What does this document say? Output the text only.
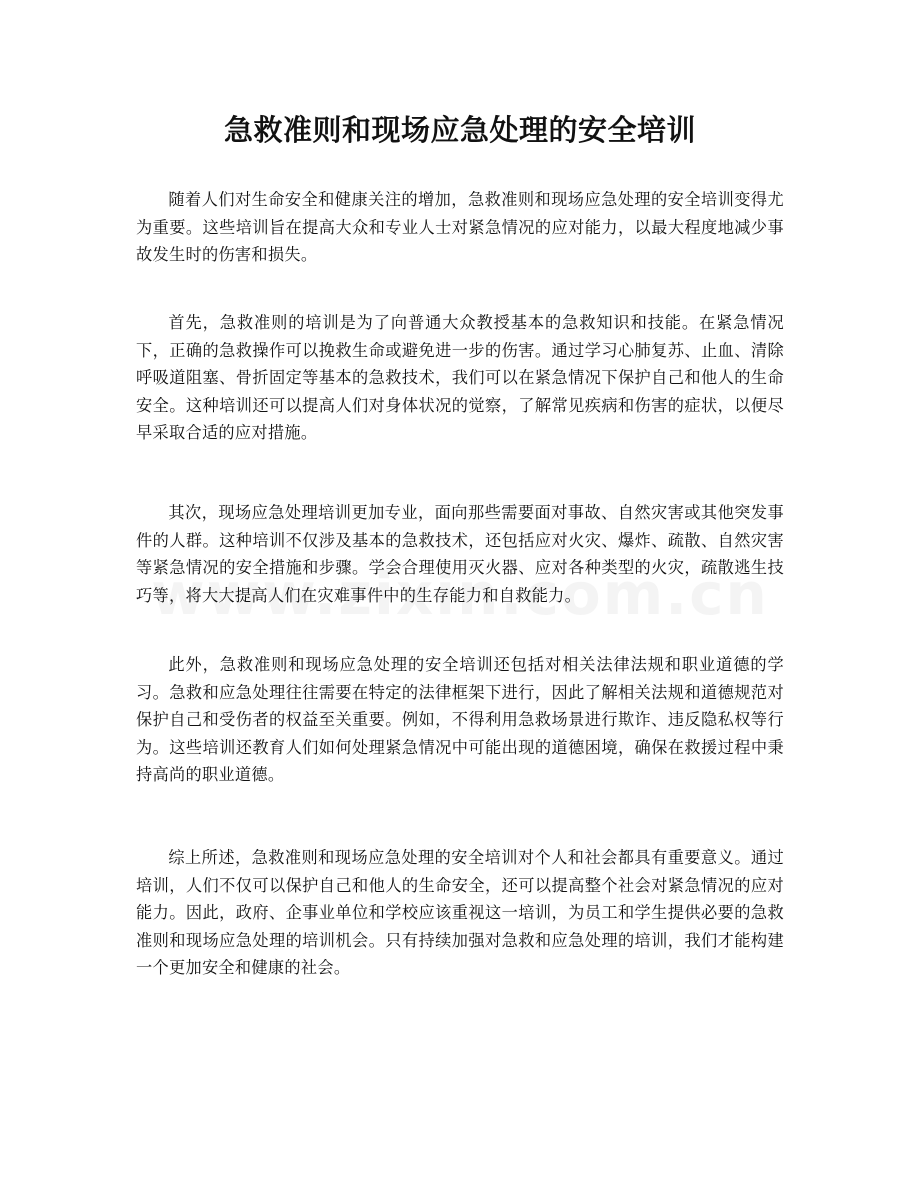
急救准则和现场应急处理的安全培训

随着人们对生命安全和健康关注的增加，急救准则和现场应急处理的安全培训变得尤为重要。这些培训旨在提高大众和专业人士对紧急情况的应对能力，以最大程度地减少事故发生时的伤害和损失。

首先，急救准则的培训是为了向普通大众教授基本的急救知识和技能。在紧急情况下，正确的急救操作可以挽救生命或避免进一步的伤害。通过学习心肺复苏、止血、清除呼吸道阻塞、骨折固定等基本的急救技术，我们可以在紧急情况下保护自己和他人的生命安全。这种培训还可以提高人们对身体状况的觉察，了解常见疾病和伤害的症状，以便尽早采取合适的应对措施。

其次，现场应急处理培训更加专业，面向那些需要面对事故、自然灾害或其他突发事件的人群。这种培训不仅涉及基本的急救技术，还包括应对火灾、爆炸、疏散、自然灾害等紧急情况的安全措施和步骤。学会合理使用灭火器、应对各种类型的火灾，疏散逃生技巧等，将大大提高人们在灾难事件中的生存能力和自救能力。

此外，急救准则和现场应急处理的安全培训还包括对相关法律法规和职业道德的学习。急救和应急处理往往需要在特定的法律框架下进行，因此了解相关法规和道德规范对保护自己和受伤者的权益至关重要。例如，不得利用急救场景进行欺诈、违反隐私权等行为。这些培训还教育人们如何处理紧急情况中可能出现的道德困境，确保在救援过程中秉持高尚的职业道德。

综上所述，急救准则和现场应急处理的安全培训对个人和社会都具有重要意义。通过培训，人们不仅可以保护自己和他人的生命安全，还可以提高整个社会对紧急情况的应对能力。因此，政府、企事业单位和学校应该重视这一培训，为员工和学生提供必要的急救准则和现场应急处理的培训机会。只有持续加强对急救和应急处理的培训，我们才能构建一个更加安全和健康的社会。
